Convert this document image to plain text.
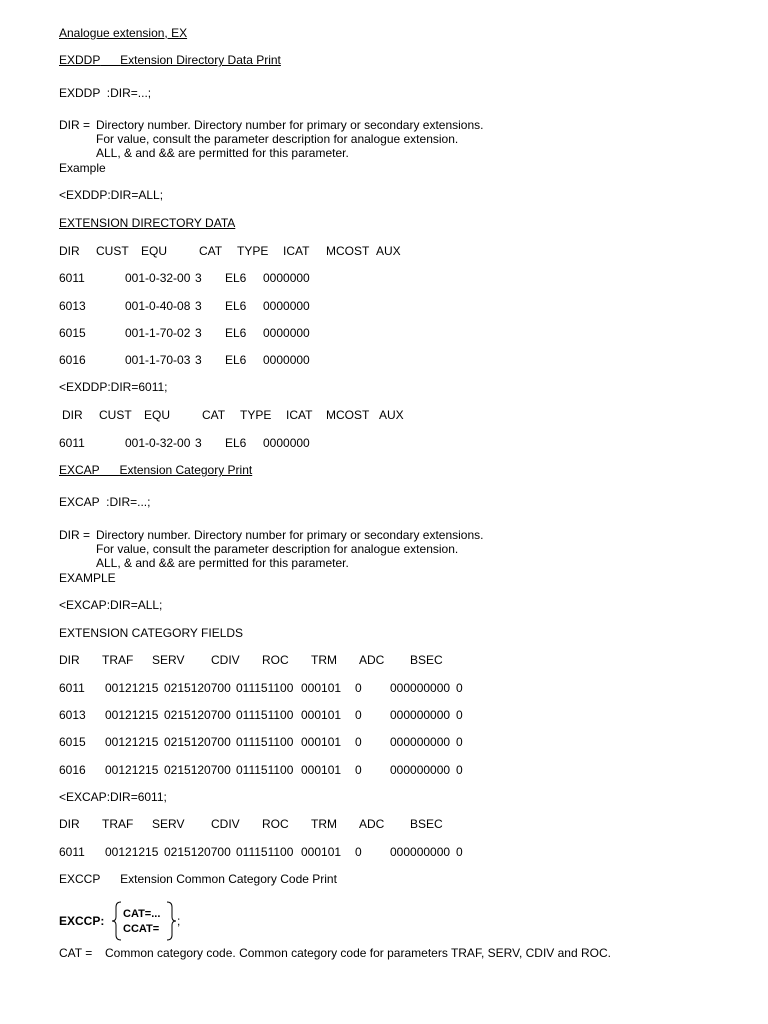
Analogue extension, EX
EXDDP Extension Directory Data Print
EXDDP  :DIR=...;
DIR = Directory number. Directory number for primary or secondary extensions.
For value, consult the parameter description for analogue extension.
ALL, & and && are permitted for this parameter.
Example
<EXDDP:DIR=ALL;
EXTENSION DIRECTORY DATA
DIR CUST EQU	CAT TYPE ICAT MCOST AUX
6011	001-0-32-00 3 EL6 0000000
6013	001-0-40-08 3 EL6 0000000
6015	001-1-70-02 3 EL6 0000000
6016	001-1-70-03 3 EL6 0000000
<EXDDP:DIR=6011;
DIR CUST EQU	CAT TYPE ICAT MCOST AUX
6011	001-0-32-00 3 EL6 0000000
EXCAP Extension Category Print
EXCAP  :DIR=...;
DIR = Directory number. Directory number for primary or secondary extensions.
For value, consult the parameter description for analogue extension.
ALL, & and && are permitted for this parameter.
EXAMPLE
<EXCAP:DIR=ALL;
EXTENSION CATEGORY FIELDS
DIR TRAF SERV CDIV ROC TRM ADC BSEC
6011 00121215 0215120700 011151100 000101 0 000000000 0
6013 00121215 0215120700 011151100 000101 0 000000000 0
6015 00121215 0215120700 011151100 000101 0 000000000 0
6016 00121215 0215120700 011151100 000101 0 000000000 0
<EXCAP:DIR=6011;
DIR TRAF SERV CDIV ROC TRM ADC BSEC
6011 00121215 0215120700 011151100 000101 0 000000000 0
EXCCP Extension Common Category Code Print
EXCCP: CAT=...
CCAT=
;
CAT = Common category code. Common category code for parameters TRAF, SERV, CDIV and ROC.
